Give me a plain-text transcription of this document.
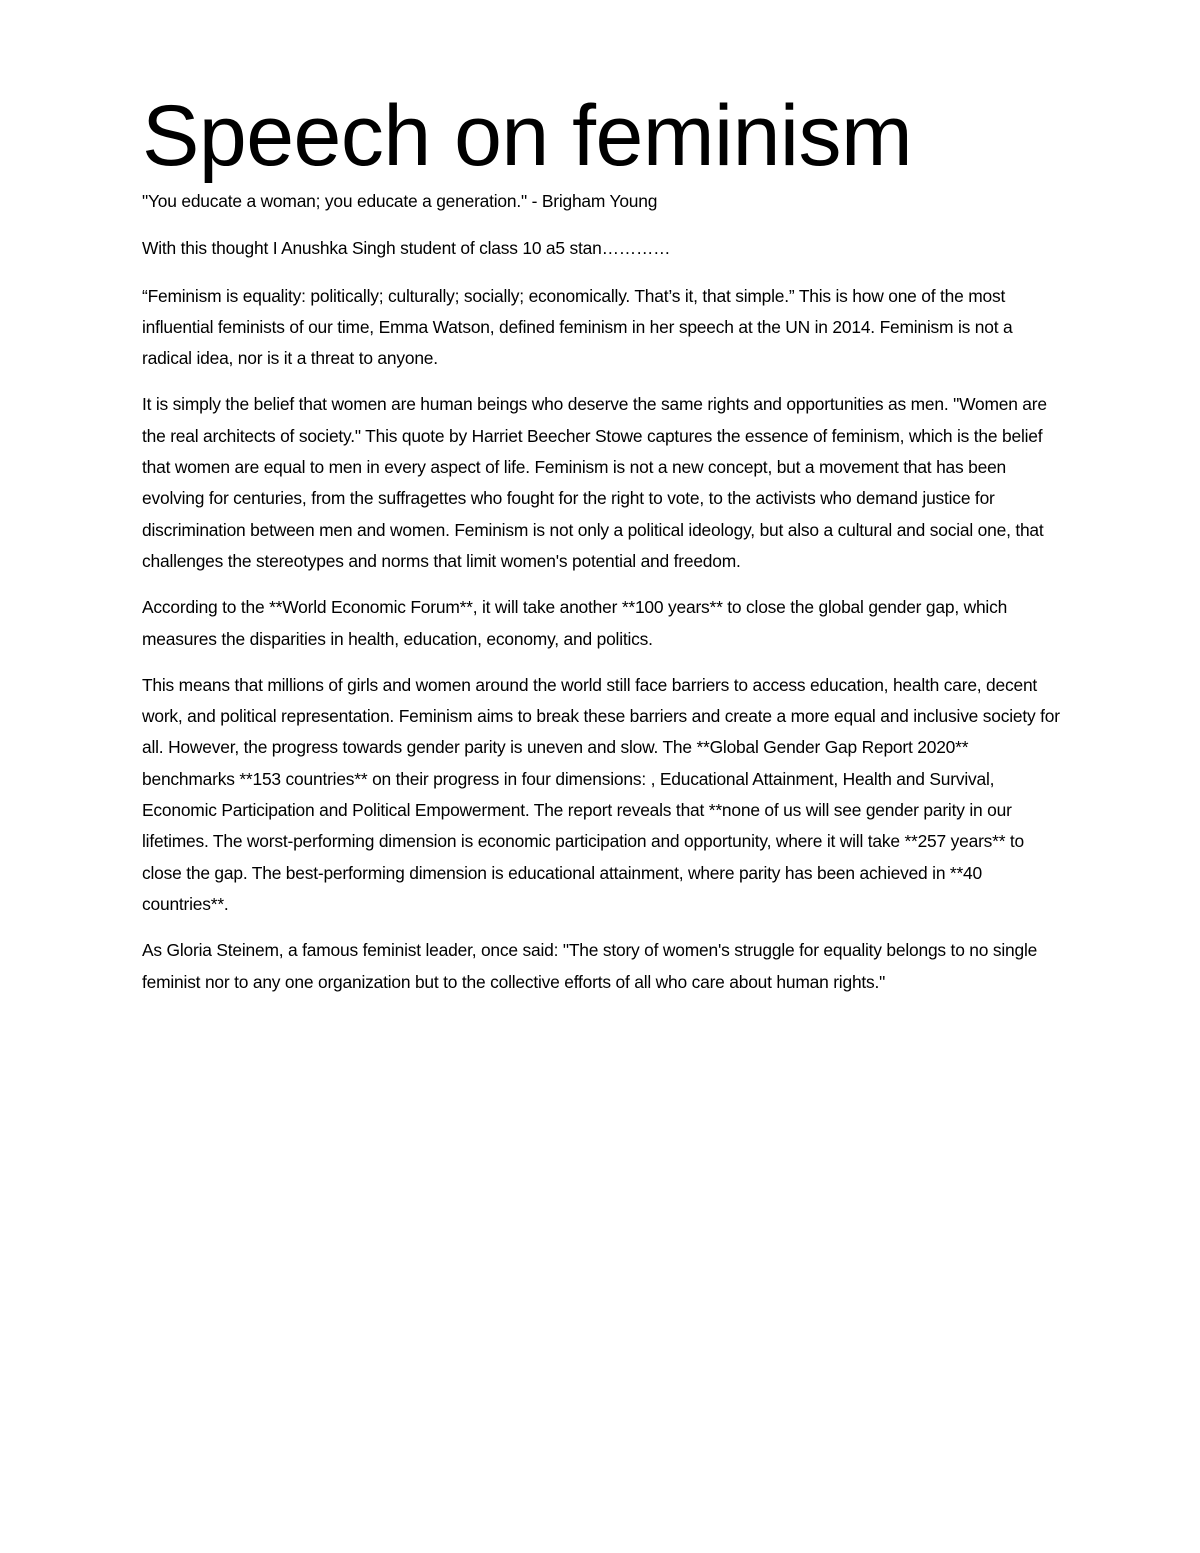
Speech on feminism

"You educate a woman; you educate a generation." - Brigham Young

With this thought I Anushka Singh student of class 10 a5 stan…………

“Feminism is equality: politically; culturally; socially; economically. That’s it, that simple.” This is how one of the most influential feminists of our time, Emma Watson, defined feminism in her speech at the UN in 2014. Feminism is not a radical idea, nor is it a threat to anyone.

It is simply the belief that women are human beings who deserve the same rights and opportunities as men. "Women are the real architects of society." This quote by Harriet Beecher Stowe captures the essence of feminism, which is the belief that women are equal to men in every aspect of life. Feminism is not a new concept, but a movement that has been evolving for centuries, from the suffragettes who fought for the right to vote, to the activists who demand justice for discrimination between men and women. Feminism is not only a political ideology, but also a cultural and social one, that challenges the stereotypes and norms that limit women's potential and freedom.

According to the **World Economic Forum**, it will take another **100 years** to close the global gender gap, which measures the disparities in health, education, economy, and politics.

This means that millions of girls and women around the world still face barriers to access education, health care, decent work, and political representation. Feminism aims to break these barriers and create a more equal and inclusive society for all. However, the progress towards gender parity is uneven and slow. The **Global Gender Gap Report 2020** benchmarks **153 countries** on their progress in four dimensions: , Educational Attainment, Health and Survival, Economic Participation and Political Empowerment. The report reveals that **none of us will see gender parity in our lifetimes. The worst-performing dimension is economic participation and opportunity, where it will take **257 years** to close the gap. The best-performing dimension is educational attainment, where parity has been achieved in **40 countries**.

As Gloria Steinem, a famous feminist leader, once said: "The story of women's struggle for equality belongs to no single feminist nor to any one organization but to the collective efforts of all who care about human rights."
